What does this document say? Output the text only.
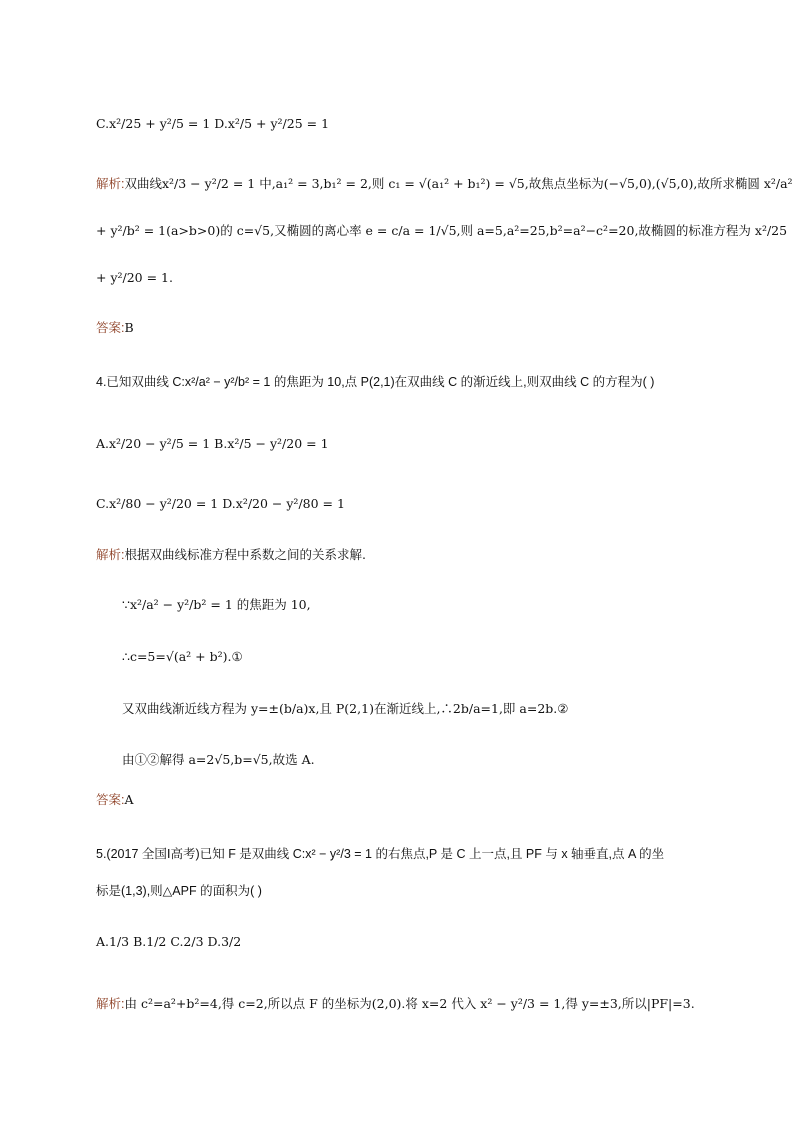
C.x²/25 + y²/5 = 1 D.x²/5 + y²/25 = 1
解析:双曲线x²/3 − y²/2 = 1 中,a₁² = 3,b₁² = 2,则 c₁ = √(a₁² + b₁²) = √5,故焦点坐标为(−√5,0),(√5,0),故所求椭圆 x²/a²
+ y²/b² = 1(a>b>0)的 c=√5,又椭圆的离心率 e = c/a = 1/√5,则 a=5,a²=25,b²=a²−c²=20,故椭圆的标准方程为 x²/25
+ y²/20 = 1.
答案:B
4.已知双曲线 C:x²/a² − y²/b² = 1 的焦距为 10,点 P(2,1)在双曲线 C 的渐近线上,则双曲线 C 的方程为( )
A.x²/20 − y²/5 = 1 B.x²/5 − y²/20 = 1
C.x²/80 − y²/20 = 1 D.x²/20 − y²/80 = 1
解析:根据双曲线标准方程中系数之间的关系求解.
∵x²/a² − y²/b² = 1 的焦距为 10,
∴c=5=√(a² + b²).①
又双曲线渐近线方程为 y=±(b/a)x,且 P(2,1)在渐近线上,∴2b/a=1,即 a=2b.②
由①②解得 a=2√5,b=√5,故选 A.
答案:A
5.(2017 全国Ⅰ高考)已知 F 是双曲线 C:x² − y²/3 = 1 的右焦点,P 是 C 上一点,且 PF 与 x 轴垂直,点 A 的坐
标是(1,3),则△APF 的面积为( )
A.1/3 B.1/2 C.2/3 D.3/2
解析:由 c²=a²+b²=4,得 c=2,所以点 F 的坐标为(2,0).将 x=2 代入 x² − y²/3 = 1,得 y=±3,所以|PF|=3.
